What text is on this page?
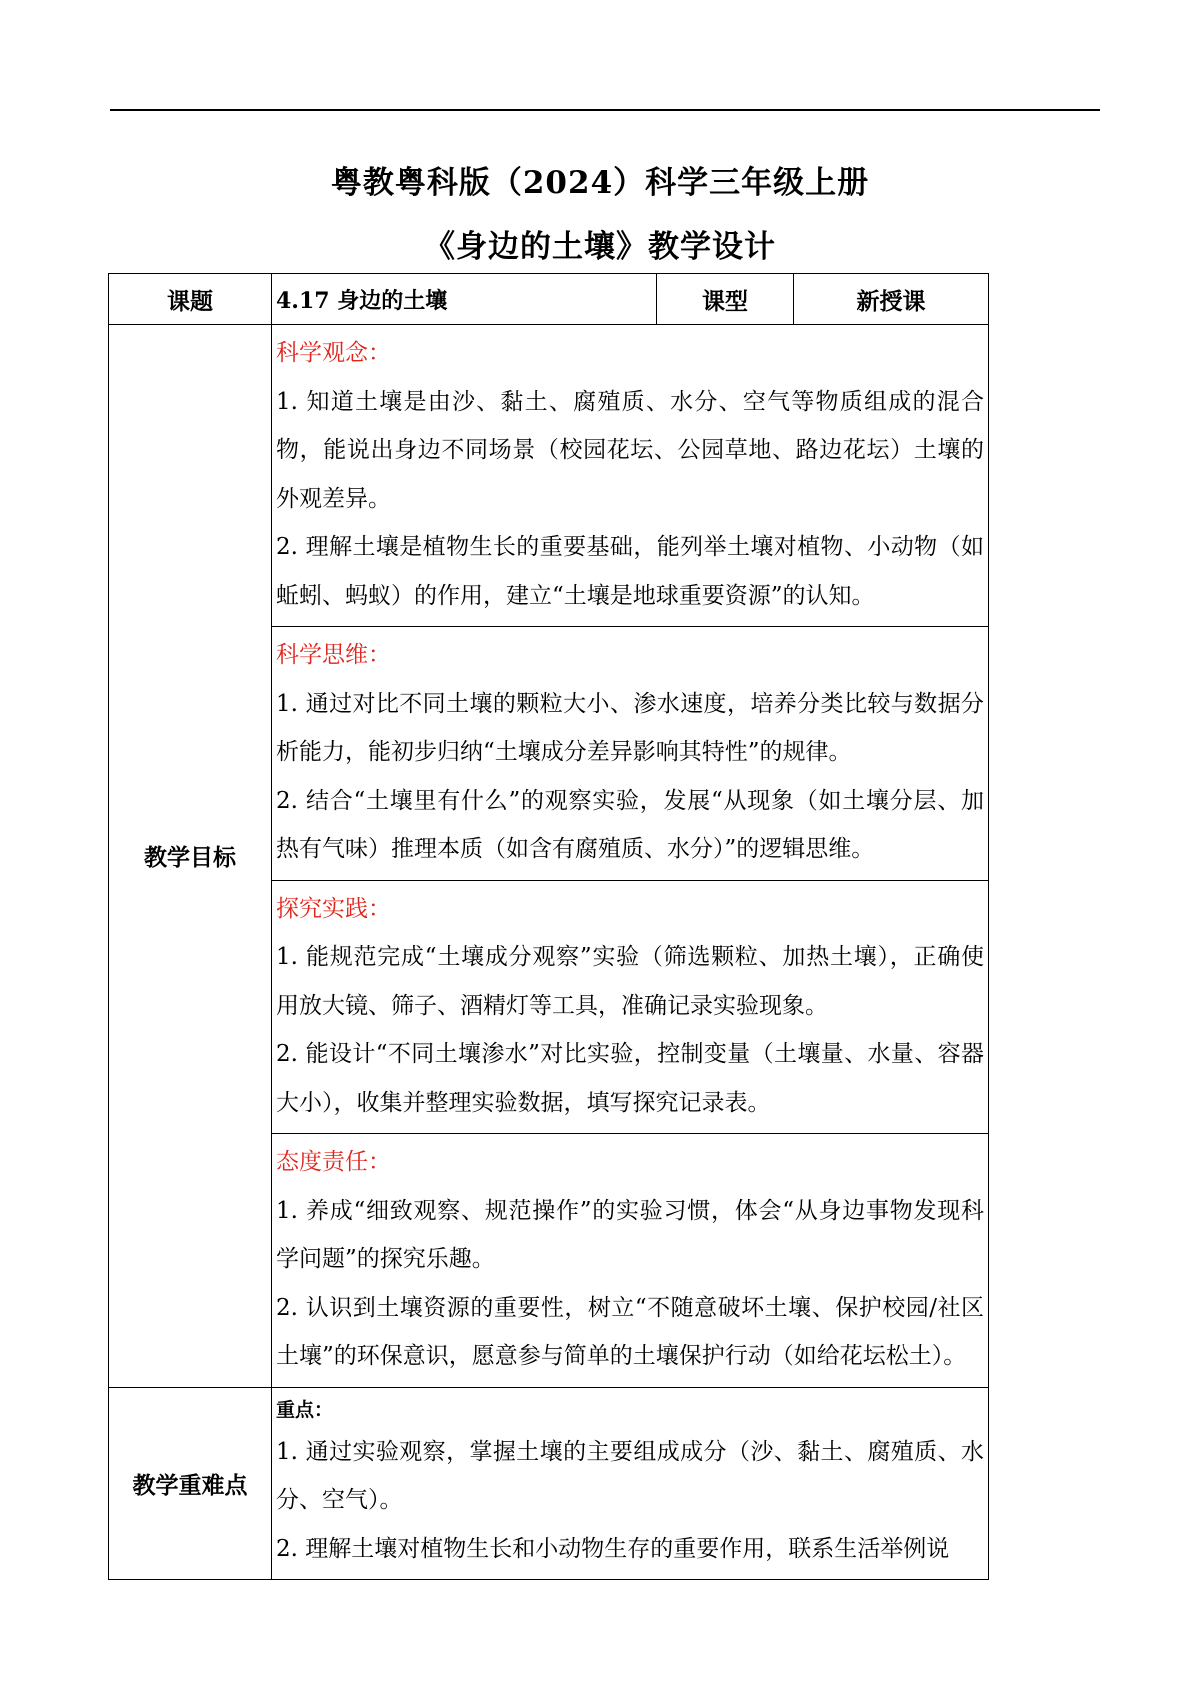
粤教粤科版（2024）科学三年级上册
《身边的土壤》教学设计
课题	4.17 身边的土壤	课型	新授课
教学目标	科学观念：

1. 知道土壤是由沙、黏土、腐殖质、水分、空气等物质组成的混合物，能说出身边不同场景（校园花坛、公园草地、路边花坛）土壤的外观差异。

2. 理解土壤是植物生长的重要基础，能列举土壤对植物、小动物（如蚯蚓、蚂蚁）的作用，建立“土壤是地球重要资源”的认知。		

	科学思维：

1. 通过对比不同土壤的颗粒大小、渗水速度，培养分类比较与数据分析能力，能初步归纳“土壤成分差异影响其特性”的规律。

2. 结合“土壤里有什么”的观察实验，发展“从现象（如土壤分层、加热有气味）推理本质（如含有腐殖质、水分）”的逻辑思维。		

	探究实践：

1. 能规范完成“土壤成分观察”实验（筛选颗粒、加热土壤），正确使用放大镜、筛子、酒精灯等工具，准确记录实验现象。

2. 能设计“不同土壤渗水”对比实验，控制变量（土壤量、水量、容器大小），收集并整理实验数据，填写探究记录表。		

	态度责任：

1. 养成“细致观察、规范操作”的实验习惯，体会“从身边事物发现科学问题”的探究乐趣。

2. 认识到土壤资源的重要性，树立“不随意破坏土壤、保护校园/社区土壤”的环保意识，愿意参与简单的土壤保护行动（如给花坛松土）。		

教学重难点	重点：

1. 通过实验观察，掌握土壤的主要组成成分（沙、黏土、腐殖质、水分、空气）。

2. 理解土壤对植物生长和小动物生存的重要作用，联系生活举例说		
